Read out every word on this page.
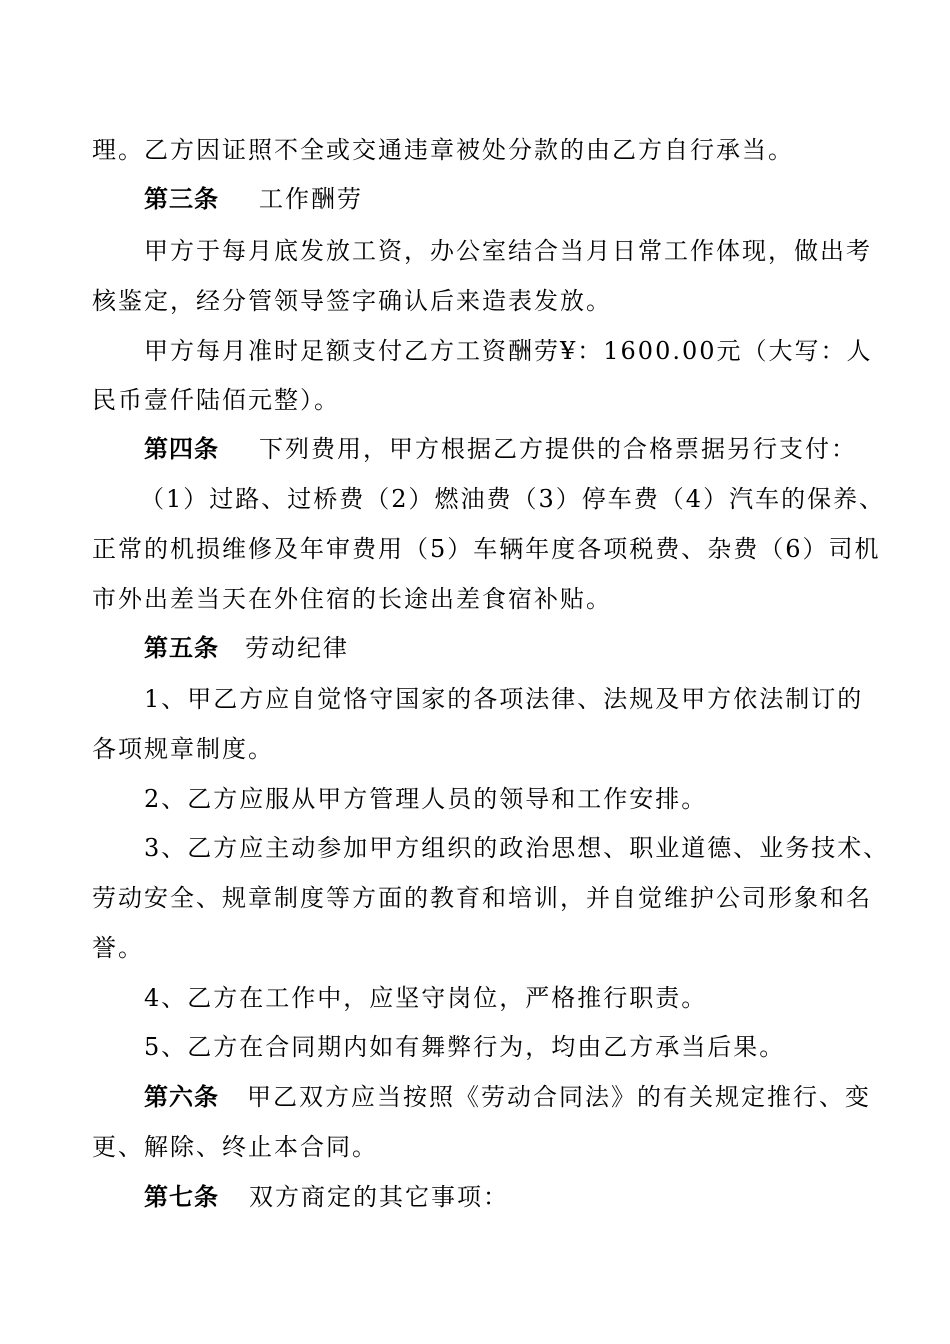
理。乙方因证照不全或交通违章被处分款的由乙方自行承当。
第三条 工作酬劳
甲方于每月底发放工资，办公室结合当月日常工作体现，做出考
核鉴定，经分管领导签字确认后来造表发放。
甲方每月准时足额支付乙方工资酬劳¥：1600.00元（大写：人
民币壹仟陆佰元整）。
第四条 下列费用，甲方根据乙方提供的合格票据另行支付：
（1）过路、过桥费（2）燃油费（3）停车费（4）汽车的保养、
正常的机损维修及年审费用（5）车辆年度各项税费、杂费（6）司机
市外出差当天在外住宿的长途出差食宿补贴。
第五条 劳动纪律
1、甲乙方应自觉恪守国家的各项法律、法规及甲方依法制订的
各项规章制度。
2、乙方应服从甲方管理人员的领导和工作安排。
3、乙方应主动参加甲方组织的政治思想、职业道德、业务技术、
劳动安全、规章制度等方面的教育和培训，并自觉维护公司形象和名
誉。
4、乙方在工作中，应坚守岗位，严格推行职责。
5、乙方在合同期内如有舞弊行为，均由乙方承当后果。
第六条 甲乙双方应当按照《劳动合同法》的有关规定推行、变
更、解除、终止本合同。
第七条 双方商定的其它事项：
